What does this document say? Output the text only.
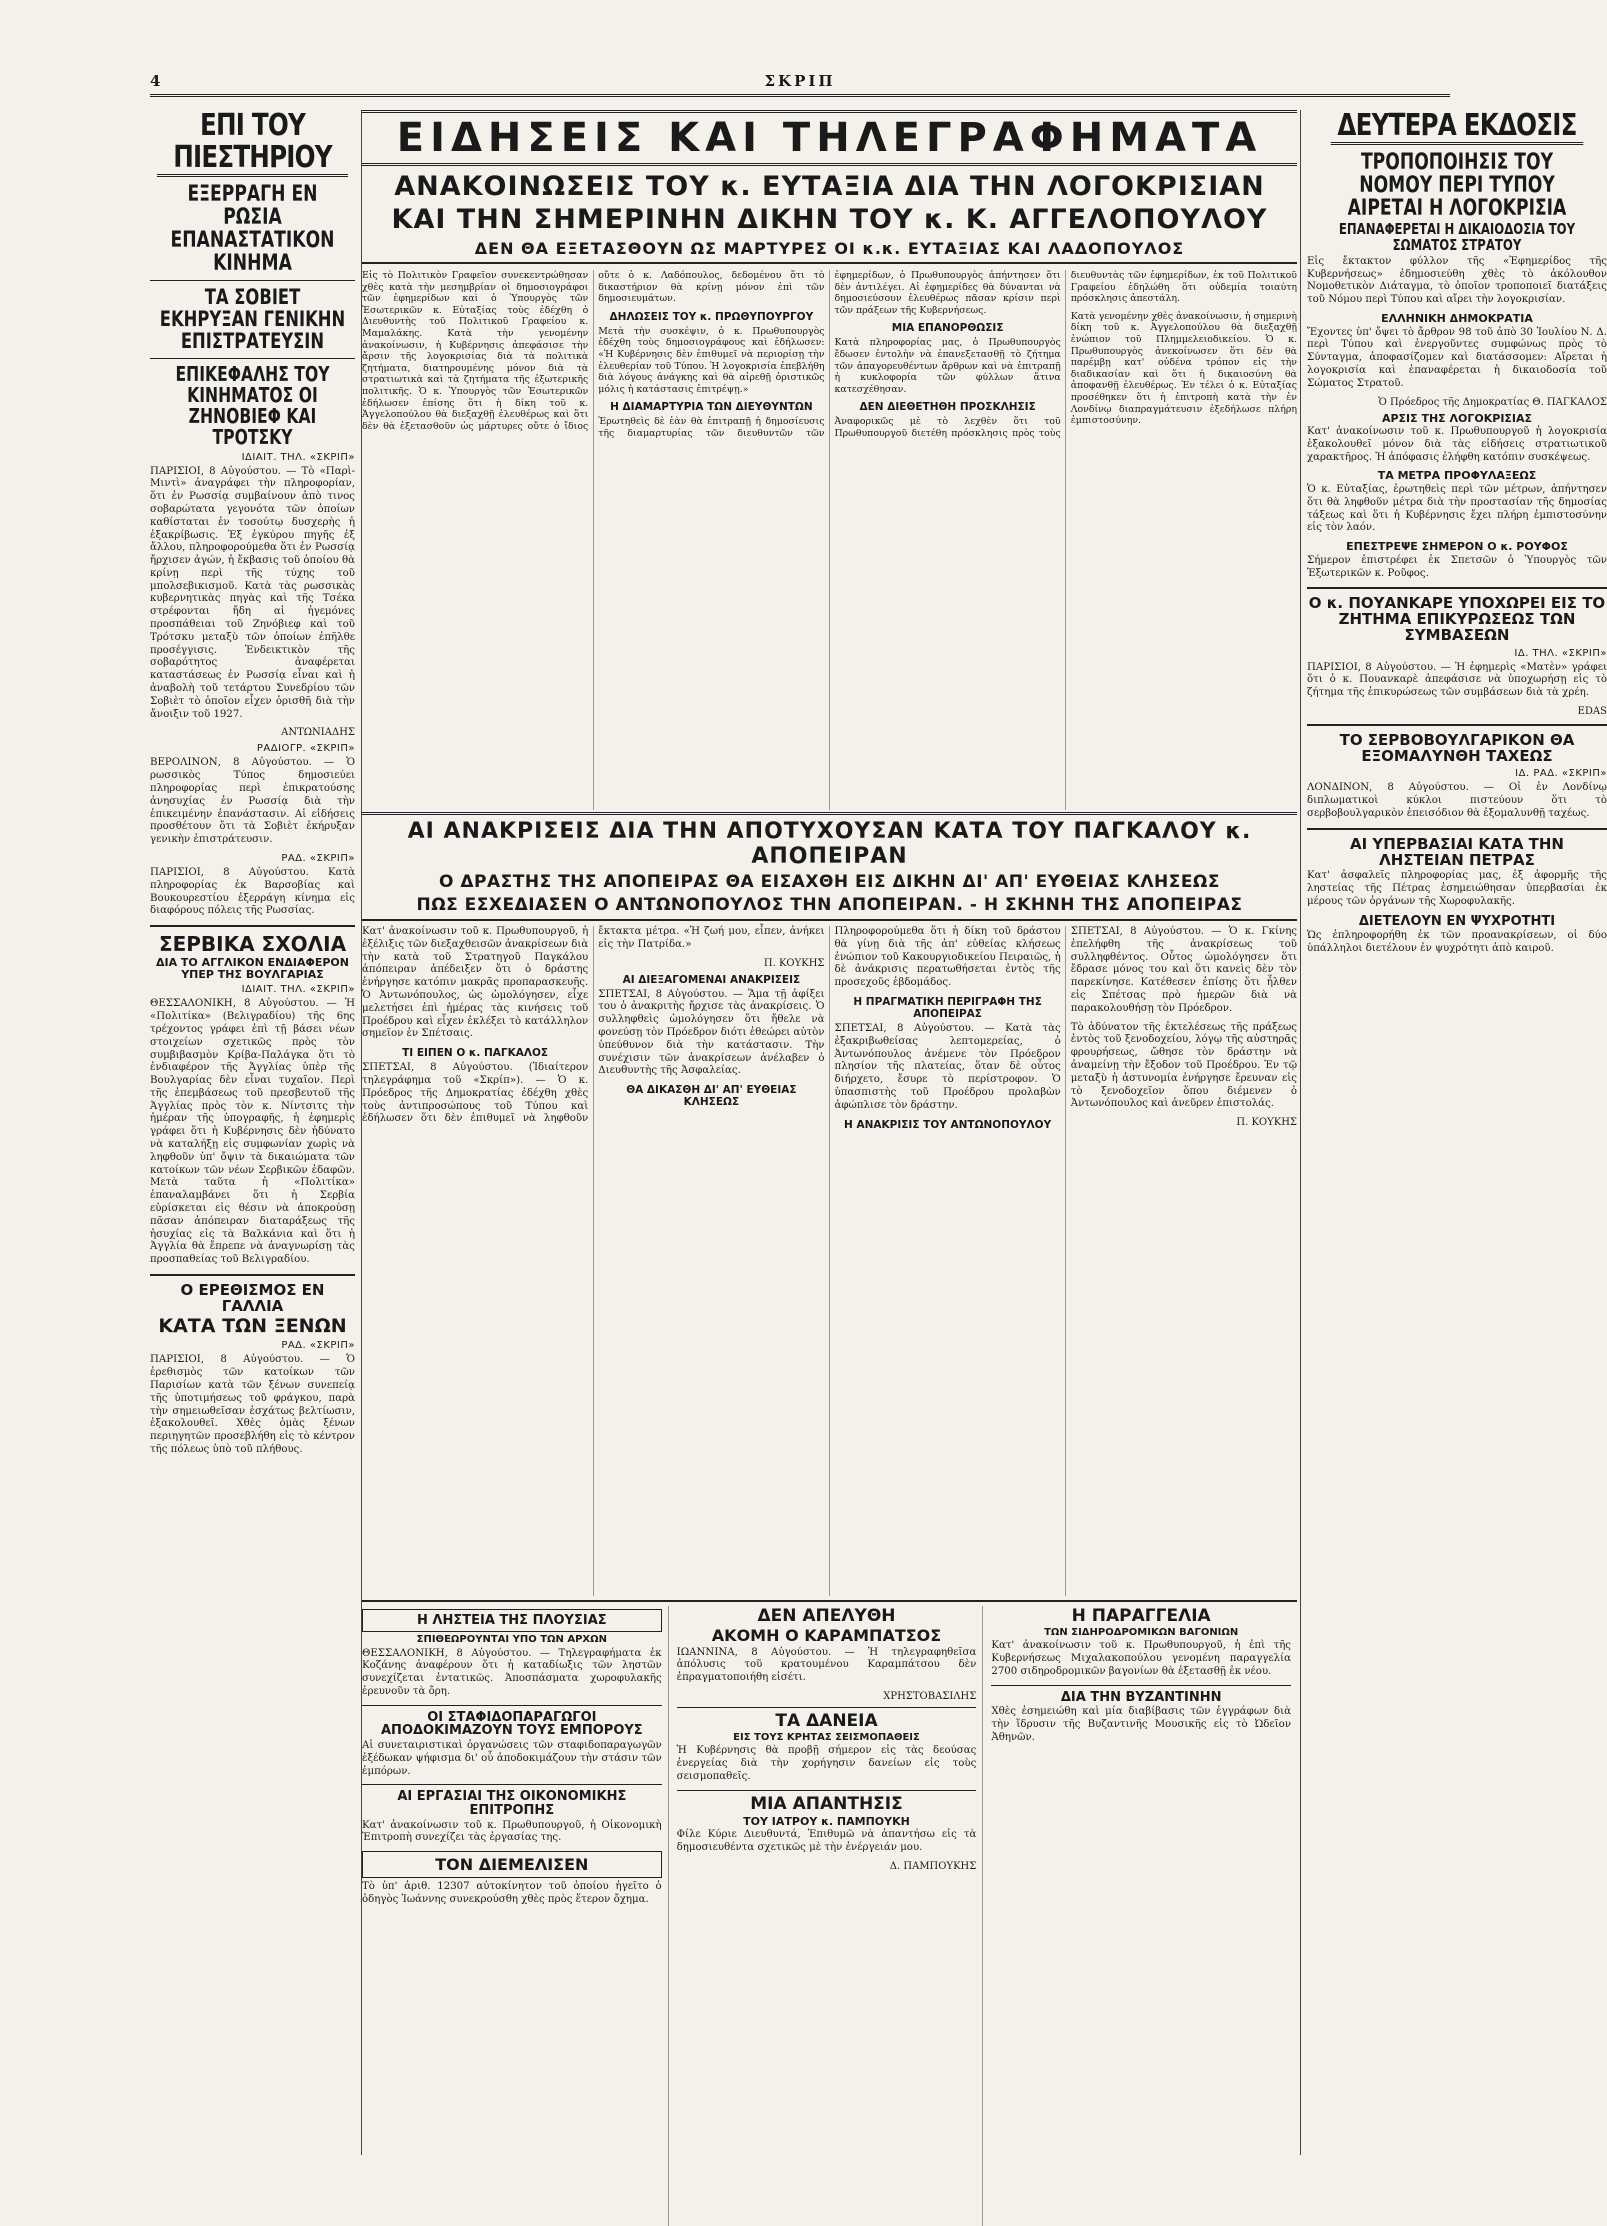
4	ΣΚΡΙΠ
ΕΠΙ ΤΟΥ ΠΙΕΣΤΗΡΙΟΥ
ΕΞΕΡΡΑΓΗ ΕΝ ΡΩΣΙΑ ΕΠΑΝΑΣΤΑΤΙΚΟΝ ΚΙΝΗΜΑ
ΤΑ ΣΟΒΙΕΤ ΕΚΗΡΥΞΑΝ ΓΕΝΙΚΗΝ ΕΠΙΣΤΡΑΤΕΥΣΙΝ
ΕΠΙΚΕΦΑΛΗΣ ΤΟΥ ΚΙΝΗΜΑΤΟΣ ΟΙ ΖΗΝΟΒΙΕΦ ΚΑΙ ΤΡΟΤΣΚΥ
ΙΔΙΑΙΤ. ΤΗΛ. «ΣΚΡΙΠ»

ΠΑΡΙΣΙΟΙ, 8 Αὐγούστου. — Τὸ «Παρὶ-Μιντὶ» ἀναγράφει τὴν πληροφορίαν, ὅτι ἐν Ρωσσίᾳ συμβαίνουν ἀπὸ τινος σοβαρώτατα γεγονότα τῶν ὁποίων καθίσταται ἐν τοσούτῳ δυσχερὴς ἡ ἐξακρίβωσις. Ἐξ ἐγκύρου πηγῆς ἐξ ἄλλου, πληροφορούμεθα ὅτι ἐν Ρωσσίᾳ ἤρχισεν ἀγών, ἡ ἔκβασις τοῦ ὁποίου θὰ κρίνῃ περὶ τῆς τύχης τοῦ μπολσεβικισμοῦ. Κατὰ τὰς ρωσσικὰς κυβερνητικὰς πηγὰς καὶ τῆς Τσέκα στρέφονται ἤδη αἱ ἡγεμόνες προσπάθειαι τοῦ Ζηνόβιεφ καὶ τοῦ Τρότσκυ μεταξὺ τῶν ὁποίων ἐπῆλθε προσέγγισις. Ἐνδεικτικὸν τῆς σοβαρότητος ἀναφέρεται καταστάσεως ἐν Ρωσσίᾳ εἶναι καὶ ἡ ἀναβολὴ τοῦ τετάρτου Συνεδρίου τῶν Σοβιὲτ τὸ ὁποῖον εἶχεν ὁρισθῆ διὰ τὴν ἄνοιξιν τοῦ 1927.

ΑΝΤΩΝΙΑΔΗΣ
ΡΑΔΙΟΓΡ. «ΣΚΡΙΠ»

ΒΕΡΟΛΙΝΟΝ, 8 Αὐγούστου. — Ὁ ρωσσικὸς Τύπος δημοσιεύει πληροφορίας περὶ ἐπικρατούσης ἀνησυχίας ἐν Ρωσσίᾳ διὰ τὴν ἐπικειμένην ἐπανάστασιν. Αἱ εἰδήσεις προσθέτουν ὅτι τὰ Σοβιὲτ ἐκήρυξαν γενικὴν ἐπιστράτευσιν.

ΡΑΔ. «ΣΚΡΙΠ»

ΠΑΡΙΣΙΟΙ, 8 Αὐγούστου. Κατὰ πληροφορίας ἐκ Βαρσοβίας καὶ Βουκουρεστίου ἐξερράγη κίνημα εἰς διαφόρους πόλεις τῆς Ρωσσίας.

ΣΕΡΒΙΚΑ ΣΧΟΛΙΑ
ΔΙΑ ΤΟ ΑΓΓΛΙΚΟΝ ΕΝΔΙΑΦΕΡΟΝ ΥΠΕΡ ΤΗΣ ΒΟΥΛΓΑΡΙΑΣ
ΙΔΙΑΙΤ. ΤΗΛ. «ΣΚΡΙΠ»

ΘΕΣΣΑΛΟΝΙΚΗ, 8 Αὐγούστου. — Ἡ «Πολιτίκα» (Βελιγραδίου) τῆς 6ης τρέχοντος γράφει ἐπὶ τῇ βάσει νέων στοιχείων σχετικῶς πρὸς τὸν συμβιβασμὸν Κρίβα-Παλάγκα ὅτι τὸ ἐνδιαφέρον τῆς Ἀγγλίας ὑπὲρ τῆς Βουλγαρίας δὲν εἶναι τυχαῖον. Περὶ τῆς ἐπεμβάσεως τοῦ πρεσβευτοῦ τῆς Ἀγγλίας πρὸς τὸν κ. Νίντσιτς τὴν ἡμέραν τῆς ὑπογραφῆς, ἡ ἐφημερὶς γράφει ὅτι ἡ Κυβέρνησις δὲν ἠδύνατο νὰ καταλήξῃ εἰς συμφωνίαν χωρὶς νὰ ληφθοῦν ὑπ' ὄψιν τὰ δικαιώματα τῶν κατοίκων τῶν νέων Σερβικῶν ἐδαφῶν. Μετὰ ταῦτα ἡ «Πολιτίκα» ἐπαναλαμβάνει ὅτι ἡ Σερβία εὑρίσκεται εἰς θέσιν νὰ ἀποκρούσῃ πᾶσαν ἀπόπειραν διαταράξεως τῆς ἡσυχίας εἰς τὰ Βαλκάνια καὶ ὅτι ἡ Ἀγγλία θὰ ἔπρεπε νὰ ἀναγνωρίσῃ τὰς προσπαθείας τοῦ Βελιγραδίου.

Ο ΕΡΕΘΙΣΜΟΣ ΕΝ ΓΑΛΛΙΑ
ΚΑΤΑ ΤΩΝ ΞΕΝΩΝ
ΡΑΔ. «ΣΚΡΙΠ»

ΠΑΡΙΣΙΟΙ, 8 Αὐγούστου. — Ὁ ἐρεθισμὸς τῶν κατοίκων τῶν Παρισίων κατὰ τῶν ξένων συνεπείᾳ τῆς ὑποτιμήσεως τοῦ φράγκου, παρὰ τὴν σημειωθεῖσαν ἐσχάτως βελτίωσιν, ἐξακολουθεῖ. Χθὲς ὁμὰς ξένων περιηγητῶν προσεβλήθη εἰς τὸ κέντρον τῆς πόλεως ὑπὸ τοῦ πλήθους.

ΕΙΔΗΣΕΙΣ ΚΑΙ ΤΗΛΕΓΡΑΦΗΜΑΤΑ
ΑΝΑΚΟΙΝΩΣΕΙΣ ΤΟΥ κ. ΕΥΤΑΞΙΑ ΔΙΑ ΤΗΝ ΛΟΓΟΚΡΙΣΙΑΝ
ΚΑΙ ΤΗΝ ΣΗΜΕΡΙΝΗΝ ΔΙΚΗΝ ΤΟΥ κ. Κ. ΑΓΓΕΛΟΠΟΥΛΟΥ
ΔΕΝ ΘΑ ΕΞΕΤΑΣΘΟΥΝ ΩΣ ΜΑΡΤΥΡΕΣ ΟΙ κ.κ. ΕΥΤΑΞΙΑΣ ΚΑΙ ΛΑΔΟΠΟΥΛΟΣ

Εἰς τὸ Πολιτικὸν Γραφεῖον συνεκεντρώθησαν χθὲς κατὰ τὴν μεσημβρίαν οἱ δημοσιογράφοι τῶν ἐφημερίδων καὶ ὁ Ὑπουργὸς τῶν Ἐσωτερικῶν κ. Εὐταξίας τοὺς ἐδέχθη ὁ Διευθυντὴς τοῦ Πολιτικοῦ Γραφείου κ. Μαμαλάκης. Κατὰ τὴν γενομένην ἀνακοίνωσιν, ἡ Κυβέρνησις ἀπεφάσισε τὴν ἄρσιν τῆς λογοκρισίας διὰ τὰ πολιτικὰ ζητήματα, διατηρουμένης μόνον διὰ τὰ στρατιωτικὰ καὶ τὰ ζητήματα τῆς ἐξωτερικῆς πολιτικῆς. Ὁ κ. Ὑπουργὸς τῶν Ἐσωτερικῶν ἐδήλωσεν ἐπίσης ὅτι ἡ δίκη τοῦ κ. Ἀγγελοπούλου θὰ διεξαχθῇ ἐλευθέρως καὶ ὅτι δὲν θὰ ἐξετασθοῦν ὡς μάρτυρες οὔτε ὁ ἴδιος οὔτε ὁ κ. Λαδόπουλος, δεδομένου ὅτι τὸ δικαστήριον θὰ κρίνῃ μόνον ἐπὶ τῶν δημοσιευμάτων.

ΔΗΛΩΣΕΙΣ ΤΟΥ κ. ΠΡΩΘΥΠΟΥΡΓΟΥ

Μετὰ τὴν συσκέψιν, ὁ κ. Πρωθυπουργὸς ἐδέχθη τοὺς δημοσιογράφους καὶ ἐδήλωσεν: «Ἡ Κυβέρνησις δὲν ἐπιθυμεῖ νὰ περιορίσῃ τὴν ἐλευθερίαν τοῦ Τύπου. Ἡ λογοκρισία ἐπεβλήθη διὰ λόγους ἀνάγκης καὶ θὰ αἰρεθῇ ὁριστικῶς μόλις ἡ κατάστασις ἐπιτρέψῃ.»

Η ΔΙΑΜΑΡΤΥΡΙΑ ΤΩΝ ΔΙΕΥΘΥΝΤΩΝ

Ἐρωτηθεὶς δὲ ἐὰν θὰ ἐπιτραπῇ ἡ δημοσίευσις τῆς διαμαρτυρίας τῶν διευθυντῶν τῶν ἐφημερίδων, ὁ Πρωθυπουργὸς ἀπήντησεν ὅτι δὲν ἀντιλέγει. Αἱ ἐφημερίδες θὰ δύνανται νὰ δημοσιεύσουν ἐλευθέρως πᾶσαν κρίσιν περὶ τῶν πράξεων τῆς Κυβερνήσεως.

ΜΙΑ ΕΠΑΝΟΡΘΩΣΙΣ

Κατὰ πληροφορίας μας, ὁ Πρωθυπουργὸς ἔδωσεν ἐντολὴν νὰ ἐπανεξετασθῇ τὸ ζήτημα τῶν ἀπαγορευθέντων ἄρθρων καὶ νὰ ἐπιτραπῇ ἡ κυκλοφορία τῶν φύλλων ἅτινα κατεσχέθησαν.

ΔΕΝ ΔΙΕΘΕΤΗΘΗ ΠΡΟΣΚΛΗΣΙΣ

Ἀναφορικῶς μὲ τὸ λεχθὲν ὅτι τοῦ Πρωθυπουργοῦ διετέθη πρόσκλησις πρὸς τοὺς διευθυντὰς τῶν ἐφημερίδων, ἐκ τοῦ Πολιτικοῦ Γραφείου ἐδηλώθη ὅτι οὐδεμία τοιαύτη πρόσκλησις ἀπεστάλη.

Κατὰ γενομένην χθὲς ἀνακοίνωσιν, ἡ σημερινὴ δίκη τοῦ κ. Ἀγγελοπούλου θὰ διεξαχθῇ ἐνώπιον τοῦ Πλημμελειοδικείου. Ὁ κ. Πρωθυπουργὸς ἀνεκοίνωσεν ὅτι δὲν θὰ παρέμβῃ κατ' οὐδένα τρόπον εἰς τὴν διαδικασίαν καὶ ὅτι ἡ δικαιοσύνη θὰ ἀποφανθῇ ἐλευθέρως. Ἐν τέλει ὁ κ. Εὐταξίας προσέθηκεν ὅτι ἡ ἐπιτροπὴ κατὰ τὴν ἐν Λονδίνῳ διαπραγμάτευσιν ἐξεδήλωσε πλήρη ἐμπιστοσύνην.

ΑΙ ΑΝΑΚΡΙΣΕΙΣ ΔΙΑ ΤΗΝ ΑΠΟΤΥΧΟΥΣΑΝ ΚΑΤΑ ΤΟΥ ΠΑΓΚΑΛΟΥ κ. ΑΠΟΠΕΙΡΑΝ
Ο ΔΡΑΣΤΗΣ ΤΗΣ ΑΠΟΠΕΙΡΑΣ ΘΑ ΕΙΣΑΧΘΗ ΕΙΣ ΔΙΚΗΝ ΔΙ' ΑΠ' ΕΥΘΕΙΑΣ ΚΛΗΣΕΩΣ
ΠΩΣ ΕΣΧΕΔΙΑΣΕΝ Ο ΑΝΤΩΝΟΠΟΥΛΟΣ ΤΗΝ ΑΠΟΠΕΙΡΑΝ. - Η ΣΚΗΝΗ ΤΗΣ ΑΠΟΠΕΙΡΑΣ

Κατ' ἀνακοίνωσιν τοῦ κ. Πρωθυπουργοῦ, ἡ ἐξέλιξις τῶν διεξαχθεισῶν ἀνακρίσεων διὰ τὴν κατὰ τοῦ Στρατηγοῦ Παγκάλου ἀπόπειραν ἀπέδειξεν ὅτι ὁ δράστης ἐνήργησε κατόπιν μακρᾶς προπαρασκευῆς. Ὁ Ἀντωνόπουλος, ὡς ὡμολόγησεν, εἶχε μελετήσει ἐπὶ ἡμέρας τὰς κινήσεις τοῦ Προέδρου καὶ εἶχεν ἐκλέξει τὸ κατάλληλον σημεῖον ἐν Σπέτσαις.

ΤΙ ΕΙΠΕΝ Ο κ. ΠΑΓΚΑΛΟΣ

ΣΠΕΤΣΑΙ, 8 Αὐγούστου. (Ἰδιαίτερον τηλεγράφημα τοῦ «Σκρίπ»). — Ὁ κ. Πρόεδρος τῆς Δημοκρατίας ἐδέχθη χθὲς τοὺς ἀντιπροσώπους τοῦ Τύπου καὶ ἐδήλωσεν ὅτι δὲν ἐπιθυμεῖ νὰ ληφθοῦν ἔκτακτα μέτρα. «Ἡ ζωή μου, εἶπεν, ἀνήκει εἰς τὴν Πατρίδα.»

Π. ΚΟΥΚΗΣ
ΑΙ ΔΙΕΞΑΓΟΜΕΝΑΙ ΑΝΑΚΡΙΣΕΙΣ

ΣΠΕΤΣΑΙ, 8 Αὐγούστου. — Ἅμα τῇ ἀφίξει του ὁ ἀνακριτὴς ἤρχισε τὰς ἀνακρίσεις. Ὁ συλληφθεὶς ὡμολόγησεν ὅτι ἤθελε νὰ φονεύσῃ τὸν Πρόεδρον διότι ἐθεώρει αὐτὸν ὑπεύθυνον διὰ τὴν κατάστασιν. Τὴν συνέχισιν τῶν ἀνακρίσεων ἀνέλαβεν ὁ Διευθυντὴς τῆς Ἀσφαλείας.

ΘΑ ΔΙΚΑΣΘΗ ΔΙ' ΑΠ' ΕΥΘΕΙΑΣ ΚΛΗΣΕΩΣ

Πληροφορούμεθα ὅτι ἡ δίκη τοῦ δράστου θὰ γίνῃ διὰ τῆς ἀπ' εὐθείας κλήσεως ἐνώπιον τοῦ Κακουργιοδικείου Πειραιῶς, ἡ δὲ ἀνάκρισις περατωθήσεται ἐντὸς τῆς προσεχοῦς ἑβδομάδος.

Η ΠΡΑΓΜΑΤΙΚΗ ΠΕΡΙΓΡΑΦΗ ΤΗΣ ΑΠΟΠΕΙΡΑΣ

ΣΠΕΤΣΑΙ, 8 Αὐγούστου. — Κατὰ τὰς ἐξακριβωθείσας λεπτομερείας, ὁ Ἀντωνόπουλος ἀνέμενε τὸν Πρόεδρον πλησίον τῆς πλατείας, ὅταν δὲ οὗτος διήρχετο, ἔσυρε τὸ περίστροφον. Ὁ ὑπασπιστὴς τοῦ Προέδρου προλαβὼν ἀφώπλισε τὸν δράστην.

Η ΑΝΑΚΡΙΣΙΣ ΤΟΥ ΑΝΤΩΝΟΠΟΥΛΟΥ

ΣΠΕΤΣΑΙ, 8 Αὐγούστου. — Ὁ κ. Γκίνης ἐπελήφθη τῆς ἀνακρίσεως τοῦ συλληφθέντος. Οὗτος ὡμολόγησεν ὅτι ἔδρασε μόνος του καὶ ὅτι κανεὶς δὲν τὸν παρεκίνησε. Κατέθεσεν ἐπίσης ὅτι ἦλθεν εἰς Σπέτσας πρὸ ἡμερῶν διὰ νὰ παρακολουθήσῃ τὸν Πρόεδρον.

Τὸ ἀδύνατον τῆς ἐκτελέσεως τῆς πράξεως ἐντὸς τοῦ ξενοδοχείου, λόγῳ τῆς αὐστηρᾶς φρουρήσεως, ὤθησε τὸν δράστην νὰ ἀναμείνῃ τὴν ἔξοδον τοῦ Προέδρου. Ἐν τῷ μεταξὺ ἡ ἀστυνομία ἐνήργησε ἔρευναν εἰς τὸ ξενοδοχεῖον ὅπου διέμενεν ὁ Ἀντωνόπουλος καὶ ἀνεῦρεν ἐπιστολάς.

Π. ΚΟΥΚΗΣ
Η ΛΗΣΤΕΙΑ ΤΗΣ ΠΛΟΥΣΙΑΣ
ΣΠΙΘΕΩΡΟΥΝΤΑΙ ΥΠΟ ΤΩΝ ΑΡΧΩΝ

ΘΕΣΣΑΛΟΝΙΚΗ, 8 Αὐγούστου. — Τηλεγραφήματα ἐκ Κοζάνης ἀναφέρουν ὅτι ἡ καταδίωξις τῶν ληστῶν συνεχίζεται ἐντατικῶς. Ἀποσπάσματα χωροφυλακῆς ἐρευνοῦν τὰ ὄρη.

ΟΙ ΣΤΑΦΙΔΟΠΑΡΑΓΩΓΟΙ ΑΠΟΔΟΚΙΜΑΖΟΥΝ ΤΟΥΣ ΕΜΠΟΡΟΥΣ

Αἱ συνεταιριστικαὶ ὀργανώσεις τῶν σταφιδοπαραγωγῶν ἐξέδωκαν ψήφισμα δι' οὗ ἀποδοκιμάζουν τὴν στάσιν τῶν ἐμπόρων.

ΑΙ ΕΡΓΑΣΙΑΙ ΤΗΣ ΟΙΚΟΝΟΜΙΚΗΣ ΕΠΙΤΡΟΠΗΣ

Κατ' ἀνακοίνωσιν τοῦ κ. Πρωθυπουργοῦ, ἡ Οἰκονομικὴ Ἐπιτροπὴ συνεχίζει τὰς ἐργασίας της.

ΤΟΝ ΔΙΕΜΕΛΙΣΕΝ

Τὸ ὑπ' ἀριθ. 12307 αὐτοκίνητον τοῦ ὁποίου ἡγεῖτο ὁ ὁδηγὸς Ἰωάννης συνεκρούσθη χθὲς πρὸς ἕτερον ὄχημα.

ΔΕΝ ΑΠΕΛΥΘΗ
ΑΚΟΜΗ Ο ΚΑΡΑΜΠΑΤΣΟΣ

ΙΩΑΝΝΙΝΑ, 8 Αὐγούστου. — Ἡ τηλεγραφηθεῖσα ἀπόλυσις τοῦ κρατουμένου Καραμπάτσου δὲν ἐπραγματοποιήθη εἰσέτι.

ΧΡΗΣΤΟΒΑΣΙΛΗΣ
ΤΑ ΔΑΝΕΙΑ
ΕΙΣ ΤΟΥΣ ΚΡΗΤΑΣ ΣΕΙΣΜΟΠΑΘΕΙΣ

Ἡ Κυβέρνησις θὰ προβῇ σήμερον εἰς τὰς δεούσας ἐνεργείας διὰ τὴν χορήγησιν δανείων εἰς τοὺς σεισμοπαθεῖς.

ΜΙΑ ΑΠΑΝΤΗΣΙΣ
ΤΟΥ ΙΑΤΡΟΥ κ. ΠΑΜΠΟΥΚΗ

Φίλε Κύριε Διευθυντά, Ἐπιθυμῶ νὰ ἀπαντήσω εἰς τὰ δημοσιευθέντα σχετικῶς μὲ τὴν ἐνέργειάν μου.

Δ. ΠΑΜΠΟΥΚΗΣ
Η ΠΑΡΑΓΓΕΛΙΑ
ΤΩΝ ΣΙΔΗΡΟΔΡΟΜΙΚΩΝ ΒΑΓΟΝΙΩΝ

Κατ' ἀνακοίνωσιν τοῦ κ. Πρωθυπουργοῦ, ἡ ἐπὶ τῆς Κυβερνήσεως Μιχαλακοπούλου γενομένη παραγγελία 2700 σιδηροδρομικῶν βαγονίων θὰ ἐξετασθῇ ἐκ νέου.

ΔΙΑ ΤΗΝ ΒΥΖΑΝΤΙΝΗΝ

Χθὲς ἐσημειώθη καὶ μία διαβίβασις τῶν ἐγγράφων διὰ τὴν ἵδρυσιν τῆς Βυζαντινῆς Μουσικῆς εἰς τὸ Ὠδεῖον Ἀθηνῶν.

ΔΕΥΤΕΡΑ ΕΚΔΟΣΙΣ
ΤΡΟΠΟΠΟΙΗΣΙΣ ΤΟΥ ΝΟΜΟΥ ΠΕΡΙ ΤΥΠΟΥ ΑΙΡΕΤΑΙ Η ΛΟΓΟΚΡΙΣΙΑ
ΕΠΑΝΑΦΕΡΕΤΑΙ Η ΔΙΚΑΙΟΔΟΣΙΑ ΤΟΥ ΣΩΜΑΤΟΣ ΣΤΡΑΤΟΥ

Εἰς ἔκτακτον φύλλον τῆς «Ἐφημερίδος τῆς Κυβερνήσεως» ἐδημοσιεύθη χθὲς τὸ ἀκόλουθον Νομοθετικὸν Διάταγμα, τὸ ὁποῖον τροποποιεῖ διατάξεις τοῦ Νόμου περὶ Τύπου καὶ αἴρει τὴν λογοκρισίαν.

ΕΛΛΗΝΙΚΗ ΔΗΜΟΚΡΑΤΙΑ

Ἔχοντες ὑπ' ὄψει τὸ ἄρθρον 98 τοῦ ἀπὸ 30 Ἰουλίου Ν. Δ. περὶ Τύπου καὶ ἐνεργοῦντες συμφώνως πρὸς τὸ Σύνταγμα, ἀποφασίζομεν καὶ διατάσσομεν: Αἴρεται ἡ λογοκρισία καὶ ἐπαναφέρεται ἡ δικαιοδοσία τοῦ Σώματος Στρατοῦ.

Ὁ Πρόεδρος τῆς Δημοκρατίας Θ. ΠΑΓΚΑΛΟΣ
ΑΡΣΙΣ ΤΗΣ ΛΟΓΟΚΡΙΣΙΑΣ

Κατ' ἀνακοίνωσιν τοῦ κ. Πρωθυπουργοῦ ἡ λογοκρισία ἐξακολουθεῖ μόνον διὰ τὰς εἰδήσεις στρατιωτικοῦ χαρακτῆρος. Ἡ ἀπόφασις ἐλήφθη κατόπιν συσκέψεως.

ΤΑ ΜΕΤΡΑ ΠΡΟΦΥΛΑΞΕΩΣ

Ὁ κ. Εὐταξίας, ἐρωτηθεὶς περὶ τῶν μέτρων, ἀπήντησεν ὅτι θὰ ληφθοῦν μέτρα διὰ τὴν προστασίαν τῆς δημοσίας τάξεως καὶ ὅτι ἡ Κυβέρνησις ἔχει πλήρη ἐμπιστοσύνην εἰς τὸν λαόν.

ΕΠΕΣΤΡΕΨΕ ΣΗΜΕΡΟΝ Ο κ. ΡΟΥΦΟΣ

Σήμερον ἐπιστρέφει ἐκ Σπετσῶν ὁ Ὑπουργὸς τῶν Ἐξωτερικῶν κ. Ροῦφος.

Ο κ. ΠΟΥΑΝΚΑΡΕ ΥΠΟΧΩΡΕΙ ΕΙΣ ΤΟ ΖΗΤΗΜΑ ΕΠΙΚΥΡΩΣΕΩΣ ΤΩΝ ΣΥΜΒΑΣΕΩΝ
ΙΔ. ΤΗΛ. «ΣΚΡΙΠ»

ΠΑΡΙΣΙΟΙ, 8 Αὐγούστου. — Ἡ ἐφημερὶς «Ματὲν» γράφει ὅτι ὁ κ. Πουανκαρὲ ἀπεφάσισε νὰ ὑποχωρήσῃ εἰς τὸ ζήτημα τῆς ἐπικυρώσεως τῶν συμβάσεων διὰ τὰ χρέη.

EDAS
ΤΟ ΣΕΡΒΟΒΟΥΛΓΑΡΙΚΟΝ ΘΑ ΕΞΟΜΑΛΥΝΘΗ ΤΑΧΕΩΣ
ΙΔ. ΡΑΔ. «ΣΚΡΙΠ»

ΛΟΝΔΙΝΟΝ, 8 Αὐγούστου. — Οἱ ἐν Λονδίνῳ διπλωματικοὶ κύκλοι πιστεύουν ὅτι τὸ σερβοβουλγαρικὸν ἐπεισόδιον θὰ ἐξομαλυνθῇ ταχέως.

ΑΙ ΥΠΕΡΒΑΣΙΑΙ ΚΑΤΑ ΤΗΝ ΛΗΣΤΕΙΑΝ ΠΕΤΡΑΣ

Κατ' ἀσφαλεῖς πληροφορίας μας, ἐξ ἀφορμῆς τῆς ληστείας τῆς Πέτρας ἐσημειώθησαν ὑπερβασίαι ἐκ μέρους τῶν ὀργάνων τῆς Χωροφυλακῆς.

ΔΙΕΤΕΛΟΥΝ ΕΝ ΨΥΧΡΟΤΗΤΙ

Ὡς ἐπληροφορήθη ἐκ τῶν προανακρίσεων, οἱ δύο ὑπάλληλοι διετέλουν ἐν ψυχρότητι ἀπὸ καιροῦ.
